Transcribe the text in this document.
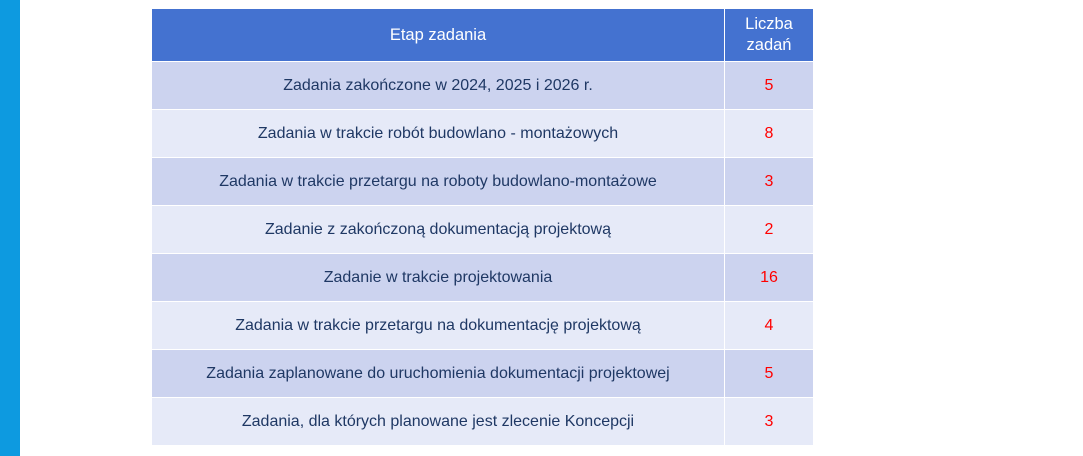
Etap zadania	Liczba zadań
Zadania zakończone w 2024, 2025 i 2026 r.	5
Zadania w trakcie robót budowlano - montażowych	8
Zadania w trakcie przetargu na roboty budowlano-montażowe	3
Zadanie z zakończoną dokumentacją projektową	2
Zadanie w trakcie projektowania	16
Zadania w trakcie przetargu na dokumentację projektową	4
Zadania zaplanowane do uruchomienia dokumentacji projektowej	5
Zadania, dla których planowane jest zlecenie Koncepcji	3
